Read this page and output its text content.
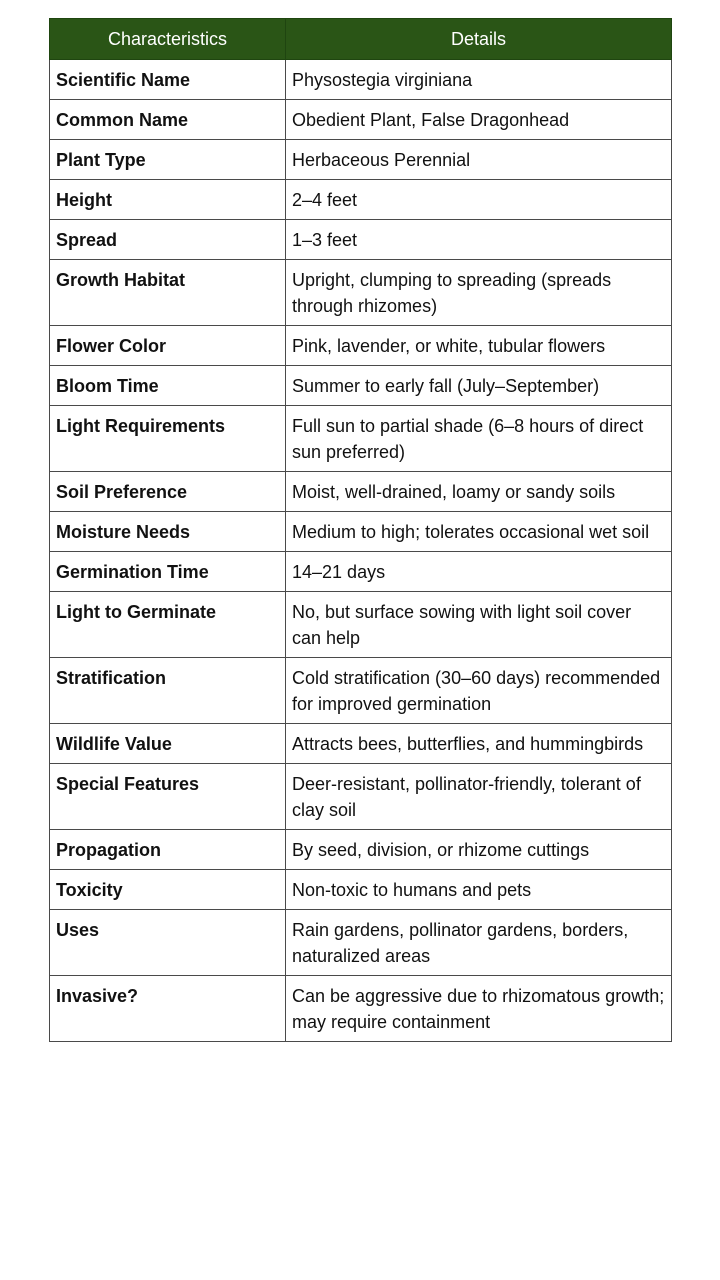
Characteristics	Details
Scientific Name	Physostegia virginiana
Common Name	Obedient Plant, False Dragonhead
Plant Type	Herbaceous Perennial
Height	2–4 feet
Spread	1–3 feet
Growth Habitat	Upright, clumping to spreading (spreads through rhizomes)
Flower Color	Pink, lavender, or white, tubular flowers
Bloom Time	Summer to early fall (July–September)
Light Requirements	Full sun to partial shade (6–8 hours of direct sun preferred)
Soil Preference	Moist, well-drained, loamy or sandy soils
Moisture Needs	Medium to high; tolerates occasional wet soil
Germination Time	14–21 days
Light to Germinate	No, but surface sowing with light soil cover can help
Stratification	Cold stratification (30–60 days) recommended for improved germination
Wildlife Value	Attracts bees, butterflies, and hummingbirds
Special Features	Deer-resistant, pollinator-friendly, tolerant of clay soil
Propagation	By seed, division, or rhizome cuttings
Toxicity	Non-toxic to humans and pets
Uses	Rain gardens, pollinator gardens, borders, naturalized areas
Invasive?	Can be aggressive due to rhizomatous growth; may require containment
